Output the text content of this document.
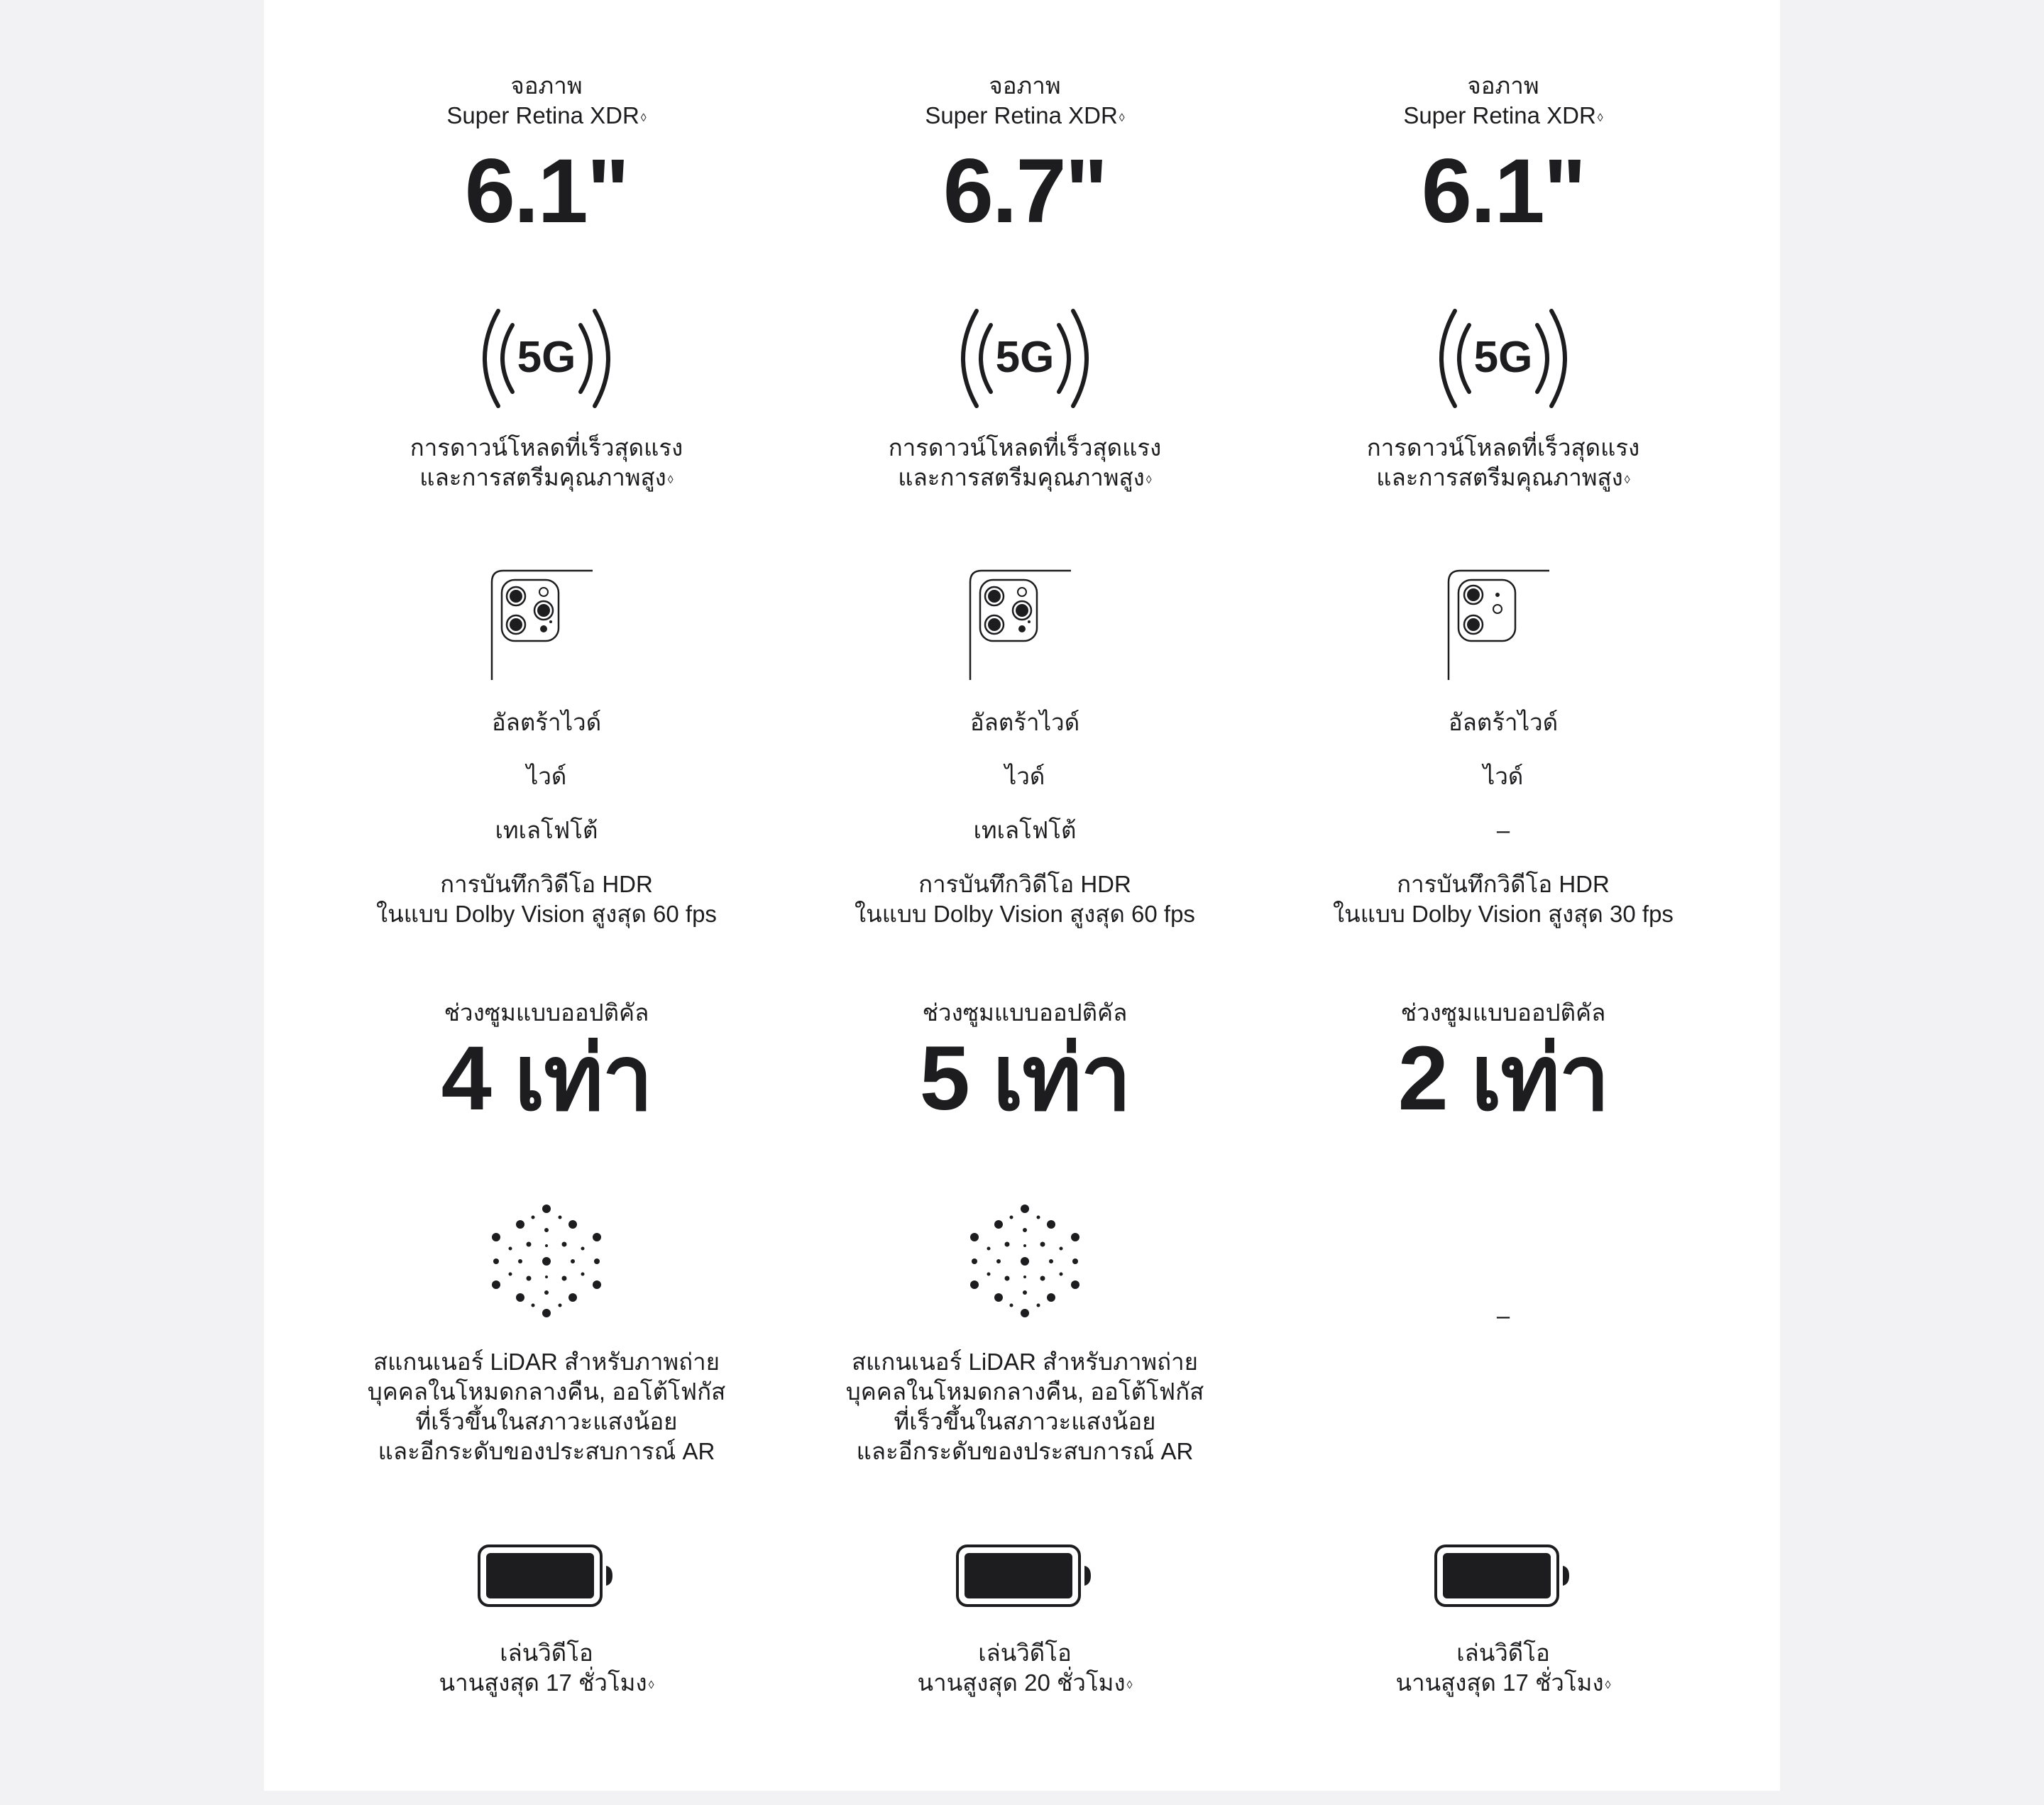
จอภาพ
Super Retina XDR ◊
6.1"
5G
การดาวน์โหลดที่เร็วสุดแรง
และการสตรีมคุณภาพสูง ◊
อัลตร้าไวด์
ไวด์
เทเลโฟโต้
การบันทึกวิดีโอ HDR
ในแบบ Dolby Vision สูงสุด 60 fps
ช่วงซูมแบบออปติคัล
4 เท่า
สแกนเนอร์ LiDAR สำหรับภาพถ่าย
บุคคลในโหมดกลางคืน, ออโต้โฟกัส
ที่เร็วขึ้นในสภาวะแสงน้อย
และอีกระดับของประสบการณ์ AR
เล่นวิดีโอ
นานสูงสุด 17 ชั่วโมง ◊
จอภาพ
Super Retina XDR ◊
6.7"
5G
การดาวน์โหลดที่เร็วสุดแรง
และการสตรีมคุณภาพสูง ◊
อัลตร้าไวด์
ไวด์
เทเลโฟโต้
การบันทึกวิดีโอ HDR
ในแบบ Dolby Vision สูงสุด 60 fps
ช่วงซูมแบบออปติคัล
5 เท่า
สแกนเนอร์ LiDAR สำหรับภาพถ่าย
บุคคลในโหมดกลางคืน, ออโต้โฟกัส
ที่เร็วขึ้นในสภาวะแสงน้อย
และอีกระดับของประสบการณ์ AR
เล่นวิดีโอ
นานสูงสุด 20 ชั่วโมง ◊
จอภาพ
Super Retina XDR ◊
6.1"
5G
การดาวน์โหลดที่เร็วสุดแรง
และการสตรีมคุณภาพสูง ◊
อัลตร้าไวด์
ไวด์
–
การบันทึกวิดีโอ HDR
ในแบบ Dolby Vision สูงสุด 30 fps
ช่วงซูมแบบออปติคัล
2 เท่า
–
เล่นวิดีโอ
นานสูงสุด 17 ชั่วโมง ◊
